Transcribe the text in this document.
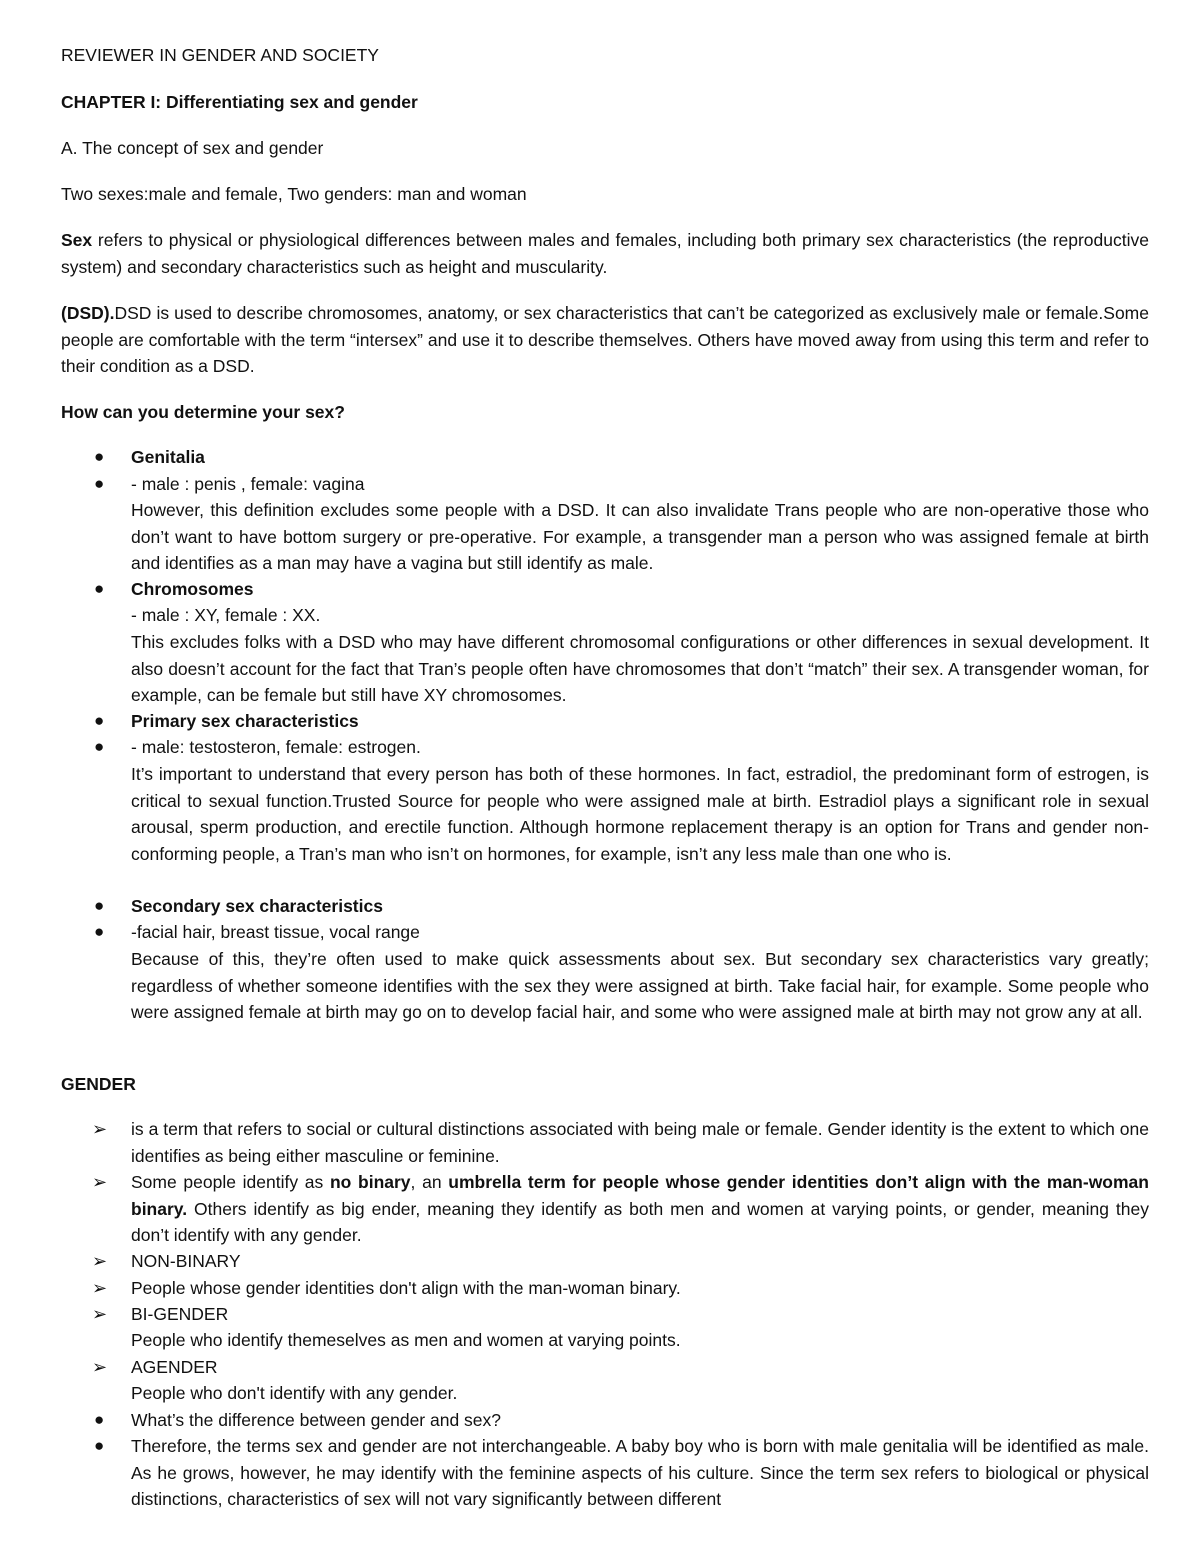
REVIEWER IN GENDER AND SOCIETY

CHAPTER I: Differentiating sex and gender

A. The concept of sex and gender

Two sexes:male and female, Two genders: man and woman

Sex refers to physical or physiological differences between males and females, including both primary sex characteristics (the reproductive system) and secondary characteristics such as height and muscularity.

(DSD).DSD is used to describe chromosomes, anatomy, or sex characteristics that can’t be categorized as exclusively male or female.Some people are comfortable with the term “intersex” and use it to describe themselves. Others have moved away from using this term and refer to their condition as a DSD.

How can you determine your sex?

●	Genitalia

●	- male : penis , female: vagina

However, this definition excludes some people with a DSD. It can also invalidate Trans people who are non-operative those who don’t want to have bottom surgery or pre-operative. For example, a transgender man a person who was assigned female at birth and identifies as a man may have a vagina but still identify as male.

●	Chromosomes

- male : XY, female : XX.

This excludes folks with a DSD who may have different chromosomal configurations or other differences in sexual development. It also doesn’t account for the fact that Tran’s people often have chromosomes that don’t “match” their sex. A transgender woman, for example, can be female but still have XY chromosomes.

●	Primary sex characteristics

●	- male: testosteron, female: estrogen.

It’s important to understand that every person has both of these hormones. In fact, estradiol, the predominant form of estrogen, is critical to sexual function.Trusted Source for people who were assigned male at birth. Estradiol plays a significant role in sexual arousal, sperm production, and erectile function. Although hormone replacement therapy is an option for Trans and gender non-conforming people, a Tran’s man who isn’t on hormones, for example, isn’t any less male than one who is.

●	Secondary sex characteristics

●	-facial hair, breast tissue, vocal range

Because of this, they’re often used to make quick assessments about sex. But secondary sex characteristics vary greatly; regardless of whether someone identifies with the sex they were assigned at birth. Take facial hair, for example. Some people who were assigned female at birth may go on to develop facial hair, and some who were assigned male at birth may not grow any at all.

GENDER

➢	is a term that refers to social or cultural distinctions associated with being male or female. Gender identity is the extent to which one identifies as being either masculine or feminine.

➢	Some people identify as no binary, an umbrella term for people whose gender identities don’t align with the man-woman binary. Others identify as big ender, meaning they identify as both men and women at varying points, or gender, meaning they don’t identify with any gender.

➢	NON-BINARY

➢	People whose gender identities don't align with the man-woman binary.

➢	BI-GENDER

People who identify themeselves as men and women at varying points.

➢	AGENDER

People who don't identify with any gender.

●	What’s the difference between gender and sex?

●	Therefore, the terms sex and gender are not interchangeable. A baby boy who is born with male genitalia will be identified as male. As he grows, however, he may identify with the feminine aspects of his culture. Since the term sex refers to biological or physical distinctions, characteristics of sex will not vary significantly between different
